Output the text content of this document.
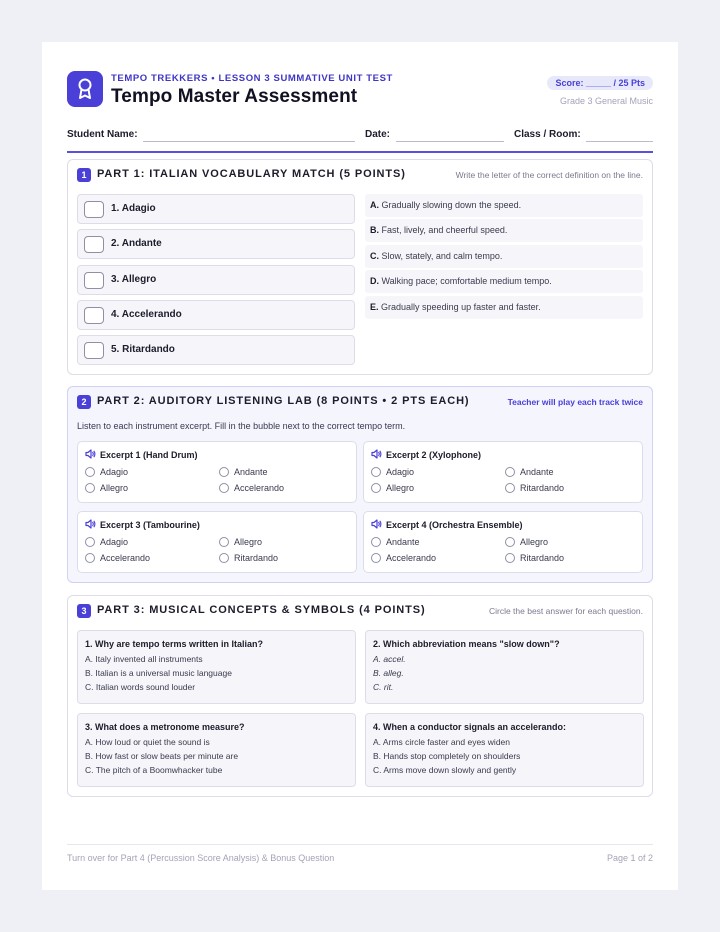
TEMPO TREKKERS • LESSON 3 SUMMATIVE UNIT TEST
Tempo Master Assessment
Score: _____ / 25 Pts
Grade 3 General Music
Student Name:	Date:	Class / Room:
1 PART 1: ITALIAN VOCABULARY MATCH (5 POINTS)	Write the letter of the correct definition on the line.
1. Adagio
2. Andante
3. Allegro
4. Accelerando
5. Ritardando
A. Gradually slowing down the speed.
B. Fast, lively, and cheerful speed.
C. Slow, stately, and calm tempo.
D. Walking pace; comfortable medium tempo.
E. Gradually speeding up faster and faster.
2 PART 2: AUDITORY LISTENING LAB (8 POINTS • 2 PTS EACH)	Teacher will play each track twice
Listen to each instrument excerpt. Fill in the bubble next to the correct tempo term.
Excerpt 1 (Hand Drum)
Adagio	Andante
Allegro	Accelerando
Excerpt 2 (Xylophone)
Adagio	Andante
Allegro	Ritardando
Excerpt 3 (Tambourine)
Adagio	Allegro
Accelerando	Ritardando
Excerpt 4 (Orchestra Ensemble)
Andante	Allegro
Accelerando	Ritardando
3 PART 3: MUSICAL CONCEPTS & SYMBOLS (4 POINTS)	Circle the best answer for each question.
1. Why are tempo terms written in Italian?
A. Italy invented all instruments
B. Italian is a universal music language
C. Italian words sound louder
2. Which abbreviation means "slow down"?
A. accel.
B. alleg.
C. rit.
3. What does a metronome measure?
A. How loud or quiet the sound is
B. How fast or slow beats per minute are
C. The pitch of a Boomwhacker tube
4. When a conductor signals an accelerando:
A. Arms circle faster and eyes widen
B. Hands stop completely on shoulders
C. Arms move down slowly and gently
Turn over for Part 4 (Percussion Score Analysis) & Bonus Question	Page 1 of 2
